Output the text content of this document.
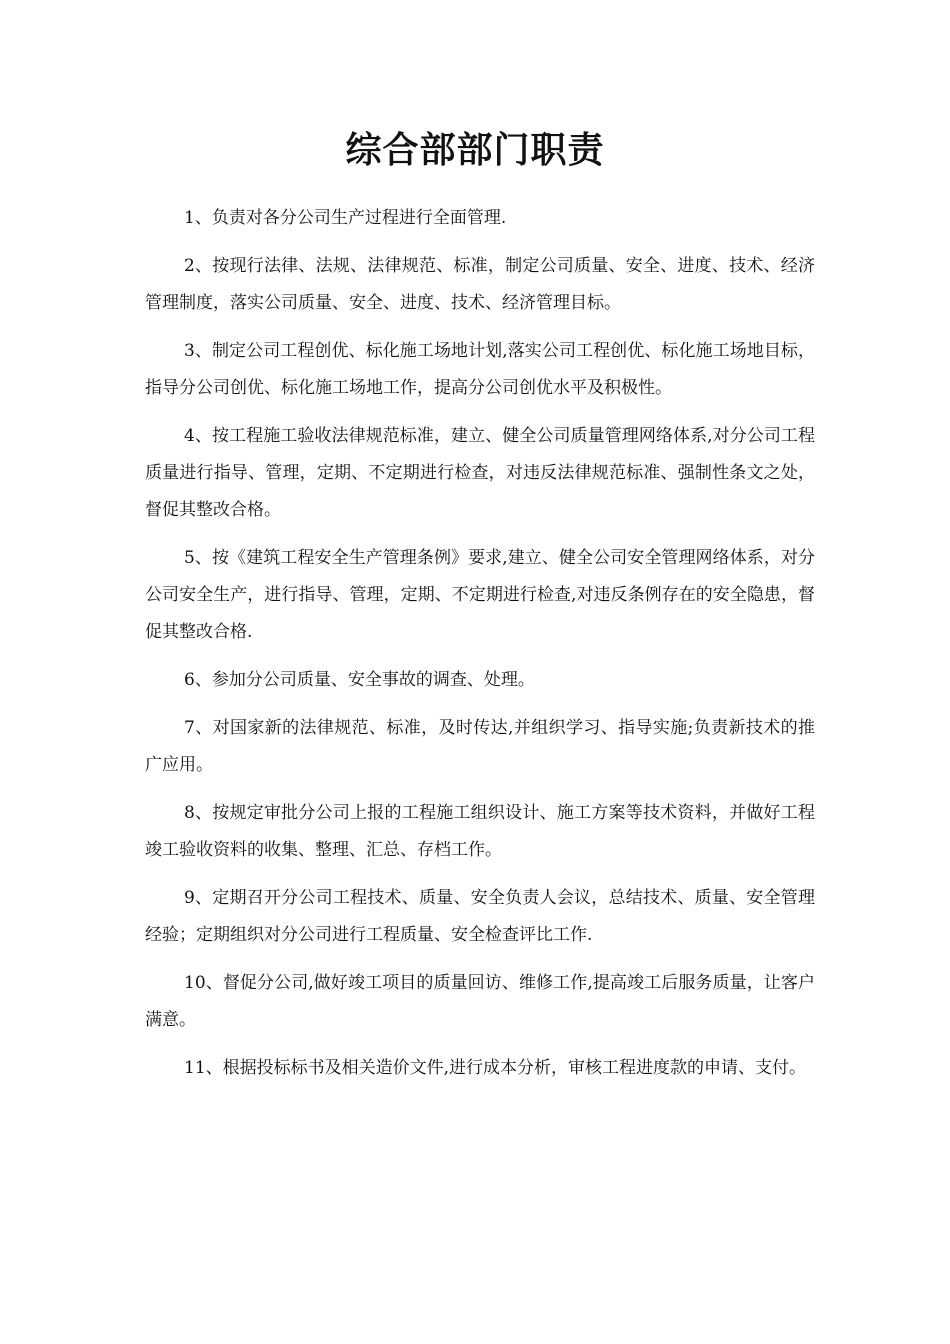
综合部部门职责

1、负责对各分公司生产过程进行全面管理.

2、按现行法律、法规、法律规范、标准，制定公司质量、安全、进度、技术、经济管理制度，落实公司质量、安全、进度、技术、经济管理目标。

3、制定公司工程创优、标化施工场地计划,落实公司工程创优、标化施工场地目标，指导分公司创优、标化施工场地工作，提高分公司创优水平及积极性。

4、按工程施工验收法律规范标准，建立、健全公司质量管理网络体系,对分公司工程质量进行指导、管理，定期、不定期进行检查，对违反法律规范标准、强制性条文之处，督促其整改合格。

5、按《建筑工程安全生产管理条例》要求,建立、健全公司安全管理网络体系，对分公司安全生产，进行指导、管理，定期、不定期进行检查,对违反条例存在的安全隐患，督促其整改合格.

6、参加分公司质量、安全事故的调查、处理。

7、对国家新的法律规范、标准，及时传达,并组织学习、指导实施;负责新技术的推广应用。

8、按规定审批分公司上报的工程施工组织设计、施工方案等技术资料，并做好工程竣工验收资料的收集、整理、汇总、存档工作。

9、定期召开分公司工程技术、质量、安全负责人会议，总结技术、质量、安全管理经验；定期组织对分公司进行工程质量、安全检查评比工作.

10、督促分公司,做好竣工项目的质量回访、维修工作,提高竣工后服务质量，让客户满意。

11、根据投标标书及相关造价文件,进行成本分析，审核工程进度款的申请、支付。
